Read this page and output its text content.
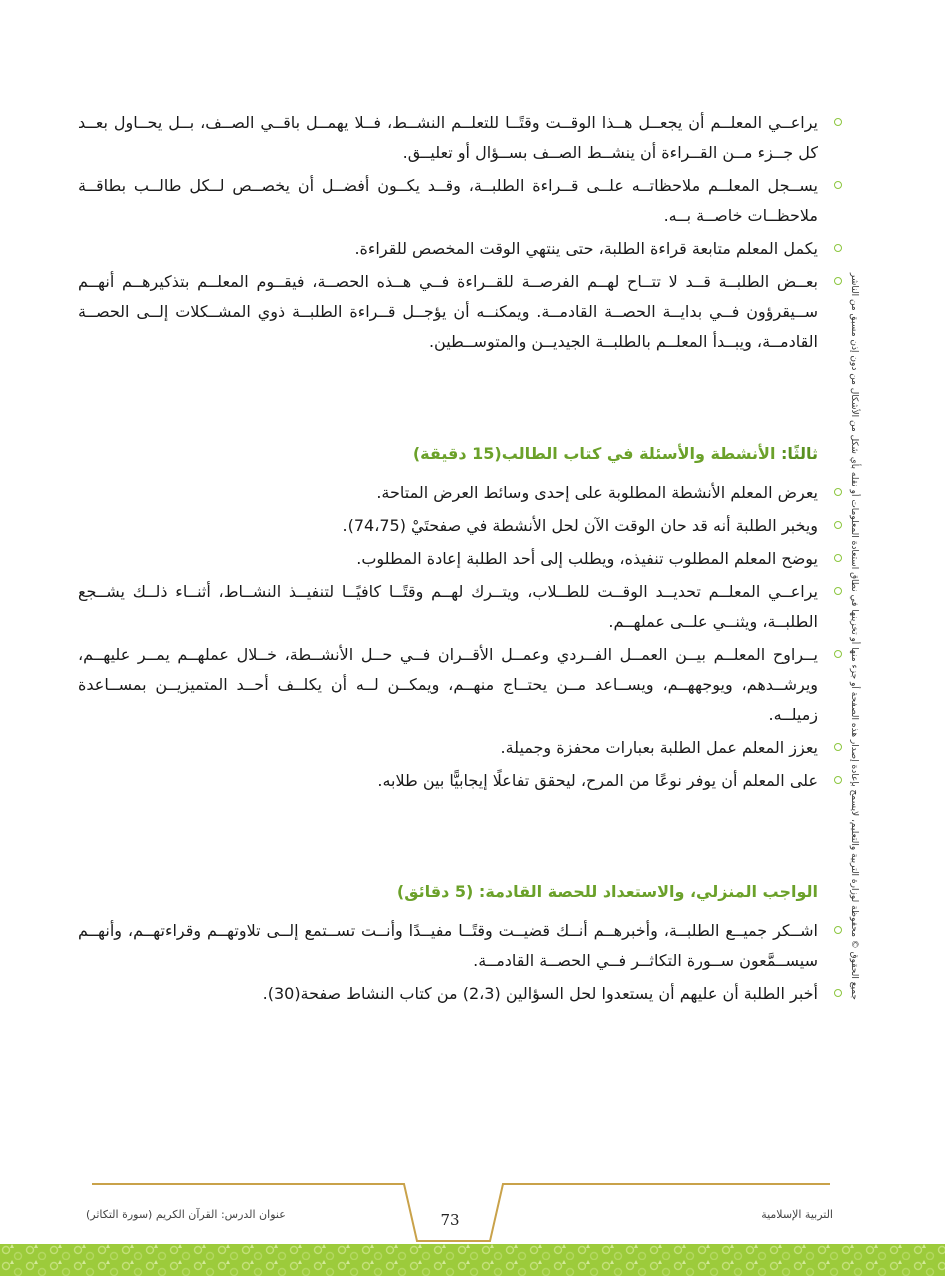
يراعــي المعلــم أن يجعــل هــذا الوقــت وقتًــا للتعلــم النشــط، فــلا يهمــل باقــي الصــف، بــل يحــاول بعــد كل جــزء مــن القــراءة أن ينشــط الصــف بســؤال أو تعليــق.
يســجل المعلــم ملاحظاتــه علــى قــراءة الطلبــة، وقــد يكــون أفضــل أن يخصــص لــكل طالــب بطاقــة ملاحظــات خاصــة بــه.
يكمل المعلم متابعة قراءة الطلبة، حتى ينتهي الوقت المخصص للقراءة.
بعــض الطلبــة قــد لا تتــاح لهــم الفرصــة للقــراءة فــي هــذه الحصــة، فيقــوم المعلــم بتذكيرهــم أنهــم ســيقرؤون فــي بدايــة الحصــة القادمــة. ويمكنــه أن يؤجــل قــراءة الطلبــة ذوي المشــكلات إلــى الحصــة القادمــة، ويبــدأ المعلــم بالطلبــة الجيديــن والمتوســطين.
ثالثًا: الأنشطة والأسئلة في كتاب الطالب(15 دقيقة)
يعرض المعلم الأنشطة المطلوبة على إحدى وسائط العرض المتاحة.
ويخبر الطلبة أنه قد حان الوقت الآن لحل الأنشطة في صفحتَيْ (74،75).
يوضح المعلم المطلوب تنفيذه، ويطلب إلى أحد الطلبة إعادة المطلوب.
يراعــي المعلــم تحديــد الوقــت للطــلاب، ويتــرك لهــم وقتًــا كافيًــا لتنفيــذ النشــاط، أثنــاء ذلــك يشــجع الطلبــة، ويثنــي علــى عملهــم.
يــراوح المعلــم بيــن العمــل الفــردي وعمــل الأقــران فــي حــل الأنشــطة، خــلال عملهــم يمــر عليهــم، ويرشــدهم، ويوجههــم، ويســاعد مــن يحتــاج منهــم، ويمكــن لــه أن يكلــف أحــد المتميزيــن بمســاعدة زميلــه.
يعزز المعلم عمل الطلبة بعبارات محفزة وجميلة.
على المعلم أن يوفر نوعًا من المرح، ليحقق تفاعلًا إيجابيًّا بين طلابه.
الواجب المنزلي، والاستعداد للحصة القادمة: (5 دقائق)
اشــكر جميــع الطلبــة، وأخبرهــم أنــك قضيــت وقتًــا مفيــدًا وأنــت تســتمع إلــى تلاوتهــم وقراءتهــم، وأنهــم سيســمَّعون ســورة التكاثــر فــي الحصــة القادمــة.
أخبر الطلبة أن عليهم أن يستعدوا لحل السؤالين (2،3) من كتاب النشاط صفحة(30).	جميع الحقوق © محفوظة لوزارة التربية والتعليم، لايسمح بإعادة إصدار هذه الصفحة أو جزء منها أو تخزينها في نطاق استعادة المعلومات أو نقله بأي شكل من الأشكال من دون إذن مسبق من الناشر
عنوان الدرس: القرآن الكريم (سورة التكاثر)	التربية الإسلامية
73
